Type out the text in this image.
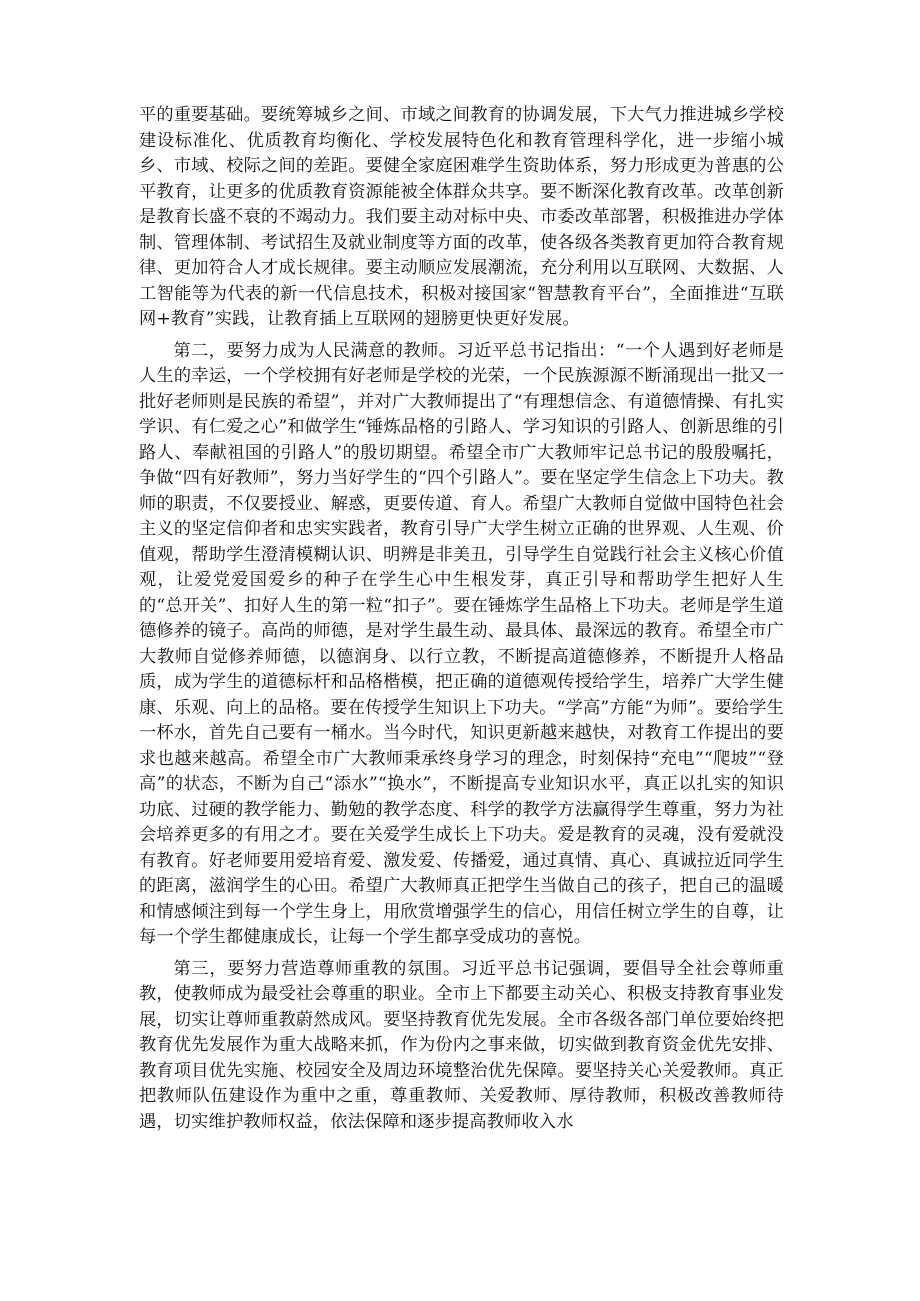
平的重要基础。要统筹城乡之间、市域之间教育的协调发展，下大气力推进城乡学校建设标准化、优质教育均衡化、学校发展特色化和教育管理科学化，进一步缩小城乡、市域、校际之间的差距。要健全家庭困难学生资助体系，努力形成更为普惠的公平教育，让更多的优质教育资源能被全体群众共享。要不断深化教育改革。改革创新是教育长盛不衰的不竭动力。我们要主动对标中央、市委改革部署，积极推进办学体制、管理体制、考试招生及就业制度等方面的改革，使各级各类教育更加符合教育规律、更加符合人才成长规律。要主动顺应发展潮流，充分利用以互联网、大数据、人工智能等为代表的新一代信息技术，积极对接国家“智慧教育平台”，全面推进“互联网+教育”实践，让教育插上互联网的翅膀更快更好发展。

第二，要努力成为人民满意的教师。习近平总书记指出：“一个人遇到好老师是人生的幸运，一个学校拥有好老师是学校的光荣，一个民族源源不断涌现出一批又一批好老师则是民族的希望”，并对广大教师提出了“有理想信念、有道德情操、有扎实学识、有仁爱之心”和做学生“锤炼品格的引路人、学习知识的引路人、创新思维的引路人、奉献祖国的引路人”的殷切期望。希望全市广大教师牢记总书记的殷殷嘱托，争做“四有好教师”，努力当好学生的“四个引路人”。要在坚定学生信念上下功夫。教师的职责，不仅要授业、解惑，更要传道、育人。希望广大教师自觉做中国特色社会主义的坚定信仰者和忠实实践者，教育引导广大学生树立正确的世界观、人生观、价值观，帮助学生澄清模糊认识、明辨是非美丑，引导学生自觉践行社会主义核心价值观，让爱党爱国爱乡的种子在学生心中生根发芽，真正引导和帮助学生把好人生的“总开关”、扣好人生的第一粒“扣子”。要在锤炼学生品格上下功夫。老师是学生道德修养的镜子。高尚的师德，是对学生最生动、最具体、最深远的教育。希望全市广大教师自觉修养师德，以德润身、以行立教，不断提高道德修养，不断提升人格品质，成为学生的道德标杆和品格楷模，把正确的道德观传授给学生，培养广大学生健康、乐观、向上的品格。要在传授学生知识上下功夫。“学高”方能“为师”。要给学生一杯水，首先自己要有一桶水。当今时代，知识更新越来越快，对教育工作提出的要求也越来越高。希望全市广大教师秉承终身学习的理念，时刻保持“充电”“爬坡”“登高”的状态，不断为自己“添水”“换水”，不断提高专业知识水平，真正以扎实的知识功底、过硬的教学能力、勤勉的教学态度、科学的教学方法赢得学生尊重，努力为社会培养更多的有用之才。要在关爱学生成长上下功夫。爱是教育的灵魂，没有爱就没有教育。好老师要用爱培育爱、激发爱、传播爱，通过真情、真心、真诚拉近同学生的距离，滋润学生的心田。希望广大教师真正把学生当做自己的孩子，把自己的温暖和情感倾注到每一个学生身上，用欣赏增强学生的信心，用信任树立学生的自尊，让每一个学生都健康成长，让每一个学生都享受成功的喜悦。

第三，要努力营造尊师重教的氛围。习近平总书记强调，要倡导全社会尊师重教，使教师成为最受社会尊重的职业。全市上下都要主动关心、积极支持教育事业发展，切实让尊师重教蔚然成风。要坚持教育优先发展。全市各级各部门单位要始终把教育优先发展作为重大战略来抓，作为份内之事来做，切实做到教育资金优先安排、教育项目优先实施、校园安全及周边环境整治优先保障。要坚持关心关爱教师。真正把教师队伍建设作为重中之重，尊重教师、关爱教师、厚待教师，积极改善教师待遇，切实维护教师权益，依法保障和逐步提高教师收入水
